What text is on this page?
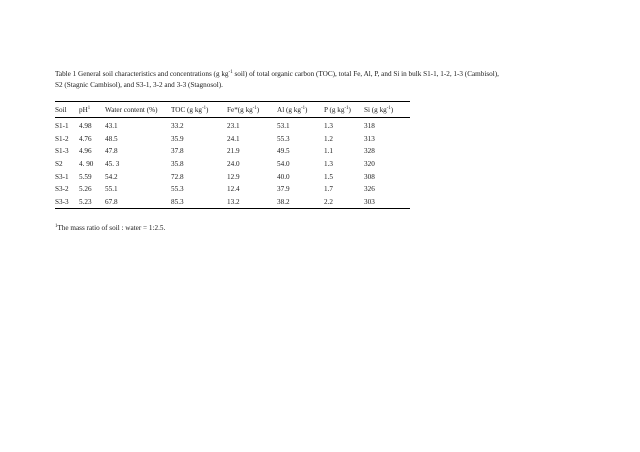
Table 1 General soil characteristics and concentrations (g $kg^{-1}$ soil) of total organic carbon (TOC), total Fe, Al, P, and Si in bulk S1-1, 1-2, 1-3 (Cambisol),
S2 (Stagnic Cambisol), and S3-1, 3-2 and 3-3 (Stagnosol).
Soil	$pH^1$	Water content (%)	TOC (g $kg^{-1}$)	Fe*(g $kg^{-1}$)	Al (g $kg^{-1}$)	P (g $kg^{-1}$)	Si (g $kg^{-1}$)
S1-1	4.98	43.1	33.2	23.1	53.1	1.3	318
S1-2	4.76	48.5	35.9	24.1	55.3	1.2	313
S1-3	4.96	47.8	37.8	21.9	49.5	1.1	328
S2	4. 90	45. 3	35.8	24.0	54.0	1.3	320
S3-1	5.59	54.2	72.8	12.9	40.0	1.5	308
S3-2	5.26	55.1	55.3	12.4	37.9	1.7	326
S3-3	5.23	67.8	85.3	13.2	38.2	2.2	303
$^1$The mass ratio of soil : water = 1:2.5.
